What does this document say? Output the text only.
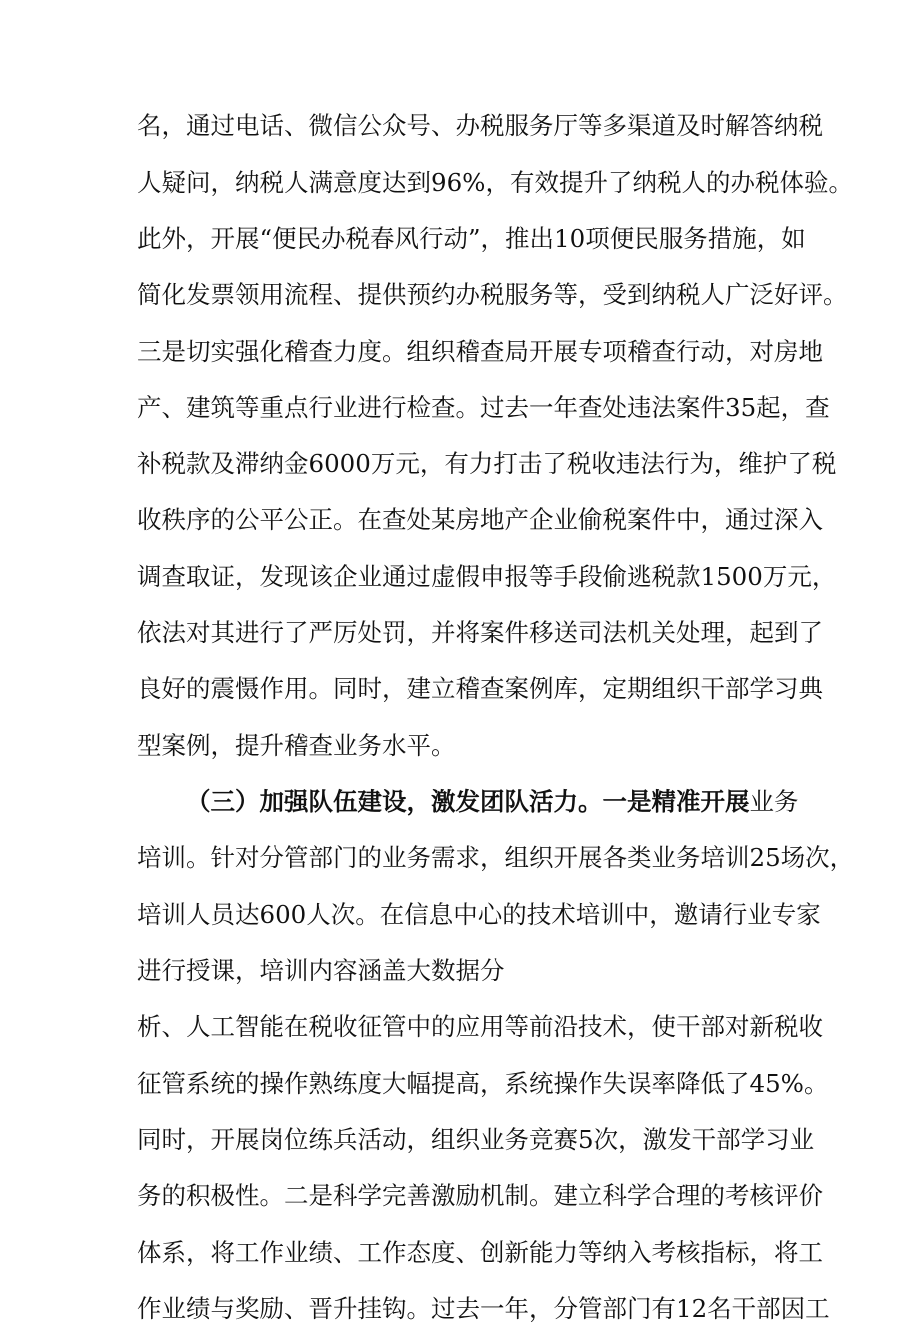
名，通过电话、微信公众号、办税服务厅等多渠道及时解答纳税
人疑问，纳税人满意度达到96%，有效提升了纳税人的办税体验。
此外，开展“便民办税春风行动”，推出10项便民服务措施，如
简化发票领用流程、提供预约办税服务等，受到纳税人广泛好评。
三是切实强化稽查力度。组织稽查局开展专项稽查行动，对房地
产、建筑等重点行业进行检查。过去一年查处违法案件35起，查
补税款及滞纳金6000万元，有力打击了税收违法行为，维护了税
收秩序的公平公正。在查处某房地产企业偷税案件中，通过深入
调查取证，发现该企业通过虚假申报等手段偷逃税款1500万元，
依法对其进行了严厉处罚，并将案件移送司法机关处理，起到了
良好的震慑作用。同时，建立稽查案例库，定期组织干部学习典
型案例，提升稽查业务水平。
（三）加强队伍建设，激发团队活力。一是精准开展业务
培训。针对分管部门的业务需求，组织开展各类业务培训25场次，
培训人员达600人次。在信息中心的技术培训中，邀请行业专家
进行授课，培训内容涵盖大数据分
析、人工智能在税收征管中的应用等前沿技术，使干部对新税收
征管系统的操作熟练度大幅提高，系统操作失误率降低了45%。
同时，开展岗位练兵活动，组织业务竞赛5次，激发干部学习业
务的积极性。二是科学完善激励机制。建立科学合理的考核评价
体系，将工作业绩、工作态度、创新能力等纳入考核指标，将工
作业绩与奖励、晋升挂钩。过去一年，分管部门有12名干部因工
